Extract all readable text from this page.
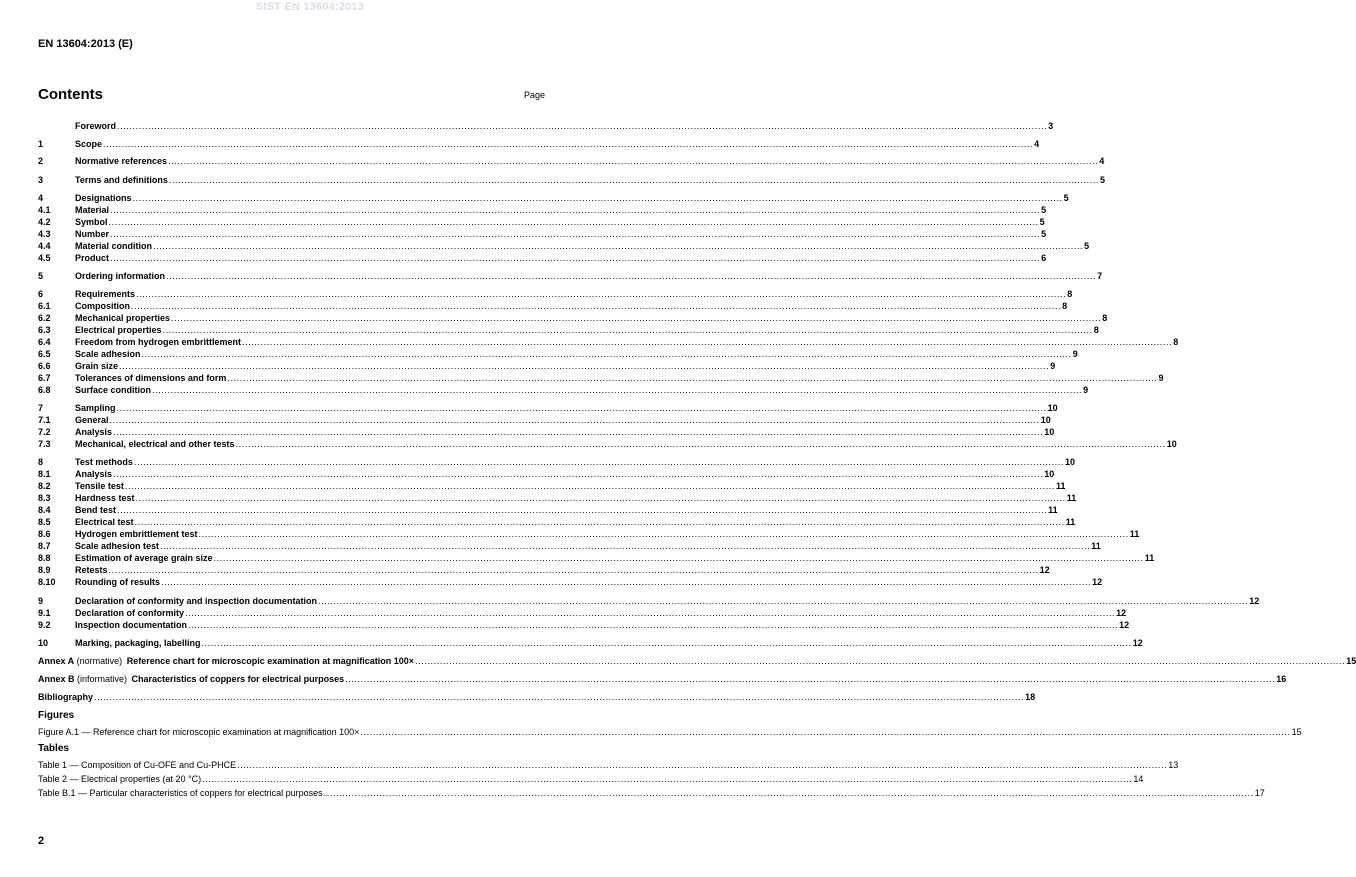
SIST EN 13604:2013
EN 13604:2013 (E)
Contents	Page
Foreword ............................................................................................................................................................................................................................................................................................................ 3
1	Scope ............................................................................................................................................................................................................................................................................................................ 4
2	Normative references ............................................................................................................................................................................................................................................................................................................ 4
3	Terms and definitions ............................................................................................................................................................................................................................................................................................................ 5
4	Designations ............................................................................................................................................................................................................................................................................................................ 5
4.1	Material ............................................................................................................................................................................................................................................................................................................ 5
4.2	Symbol ............................................................................................................................................................................................................................................................................................................ 5
4.3	Number ............................................................................................................................................................................................................................................................................................................ 5
4.4	Material condition ............................................................................................................................................................................................................................................................................................................ 5
4.5	Product ............................................................................................................................................................................................................................................................................................................ 6
5	Ordering information ............................................................................................................................................................................................................................................................................................................ 7
6	Requirements ............................................................................................................................................................................................................................................................................................................ 8
6.1	Composition ............................................................................................................................................................................................................................................................................................................ 8
6.2	Mechanical properties ............................................................................................................................................................................................................................................................................................................ 8
6.3	Electrical properties ............................................................................................................................................................................................................................................................................................................ 8
6.4	Freedom from hydrogen embrittlement ............................................................................................................................................................................................................................................................................................................ 8
6.5	Scale adhesion ............................................................................................................................................................................................................................................................................................................ 9
6.6	Grain size ............................................................................................................................................................................................................................................................................................................ 9
6.7	Tolerances of dimensions and form ............................................................................................................................................................................................................................................................................................................ 9
6.8	Surface condition ............................................................................................................................................................................................................................................................................................................ 9
7	Sampling ............................................................................................................................................................................................................................................................................................................ 10
7.1	General ............................................................................................................................................................................................................................................................................................................ 10
7.2	Analysis ............................................................................................................................................................................................................................................................................................................ 10
7.3	Mechanical, electrical and other tests ............................................................................................................................................................................................................................................................................................................ 10
8	Test methods ............................................................................................................................................................................................................................................................................................................ 10
8.1	Analysis ............................................................................................................................................................................................................................................................................................................ 10
8.2	Tensile test ............................................................................................................................................................................................................................................................................................................ 11
8.3	Hardness test ............................................................................................................................................................................................................................................................................................................ 11
8.4	Bend test ............................................................................................................................................................................................................................................................................................................ 11
8.5	Electrical test ............................................................................................................................................................................................................................................................................................................ 11
8.6	Hydrogen embrittlement test ............................................................................................................................................................................................................................................................................................................ 11
8.7	Scale adhesion test ............................................................................................................................................................................................................................................................................................................ 11
8.8	Estimation of average grain size ............................................................................................................................................................................................................................................................................................................ 11
8.9	Retests ............................................................................................................................................................................................................................................................................................................ 12
8.10	Rounding of results ............................................................................................................................................................................................................................................................................................................ 12
9	Declaration of conformity and inspection documentation ............................................................................................................................................................................................................................................................................................................ 12
9.1	Declaration of conformity ............................................................................................................................................................................................................................................................................................................ 12
9.2	Inspection documentation ............................................................................................................................................................................................................................................................................................................ 12
10	Marking, packaging, labelling ............................................................................................................................................................................................................................................................................................................ 12
Annex A (normative) Reference chart for microscopic examination at magnification 100× ............................................................................................................................................................................................................................................................................................................ 15
Annex B (informative) Characteristics of coppers for electrical purposes ............................................................................................................................................................................................................................................................................................................ 16
Bibliography ............................................................................................................................................................................................................................................................................................................ 18
Figures
Figure A.1 — Reference chart for microscopic examination at magnification 100× ............................................................................................................................................................................................................................................................................................................ 15
Tables
Table 1 — Composition of Cu-OFE and Cu-PHCE ............................................................................................................................................................................................................................................................................................................ 13
Table 2 — Electrical properties (at 20 °C) ............................................................................................................................................................................................................................................................................................................ 14
Table B.1 — Particular characteristics of coppers for electrical purposes ............................................................................................................................................................................................................................................................................................................ 17
2
